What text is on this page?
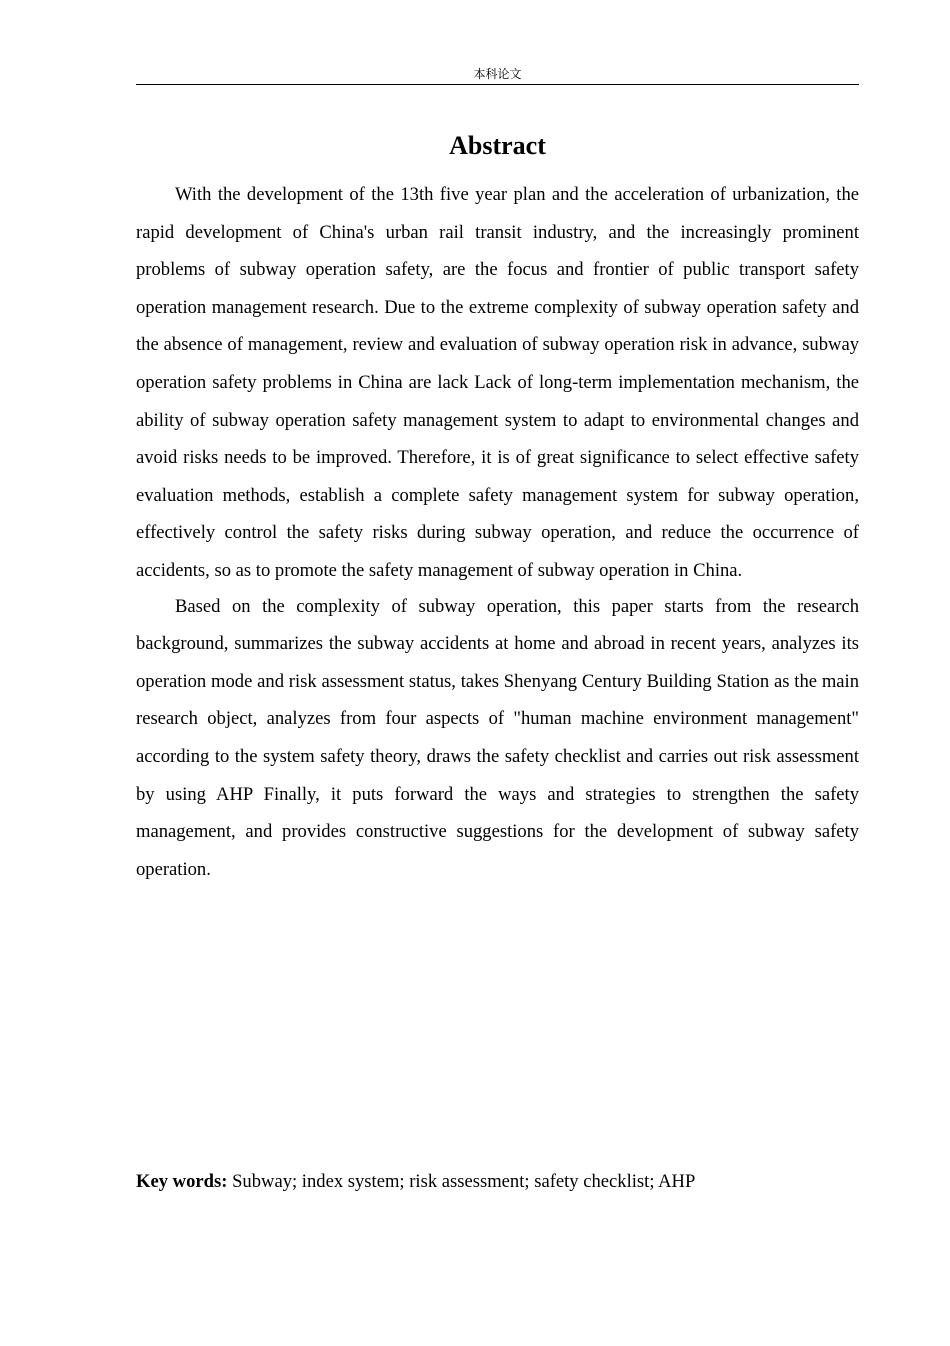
本科论文
Abstract

With the development of the 13th five year plan and the acceleration of urbanization, the rapid development of China's urban rail transit industry, and the increasingly prominent problems of subway operation safety, are the focus and frontier of public transport safety operation management research. Due to the extreme complexity of subway operation safety and the absence of management, review and evaluation of subway operation risk in advance, subway operation safety problems in China are lack Lack of long-term implementation mechanism, the ability of subway operation safety management system to adapt to environmental changes and avoid risks needs to be improved. Therefore, it is of great significance to select effective safety evaluation methods, establish a complete safety management system for subway operation, effectively control the safety risks during subway operation, and reduce the occurrence of accidents, so as to promote the safety management of subway operation in China.

Based on the complexity of subway operation, this paper starts from the research background, summarizes the subway accidents at home and abroad in recent years, analyzes its operation mode and risk assessment status, takes Shenyang Century Building Station as the main research object, analyzes from four aspects of "human machine environment management" according to the system safety theory, draws the safety checklist and carries out risk assessment by using AHP Finally, it puts forward the ways and strategies to strengthen the safety management, and provides constructive suggestions for the development of subway safety operation.

Key words: Subway; index system; risk assessment; safety checklist; AHP
